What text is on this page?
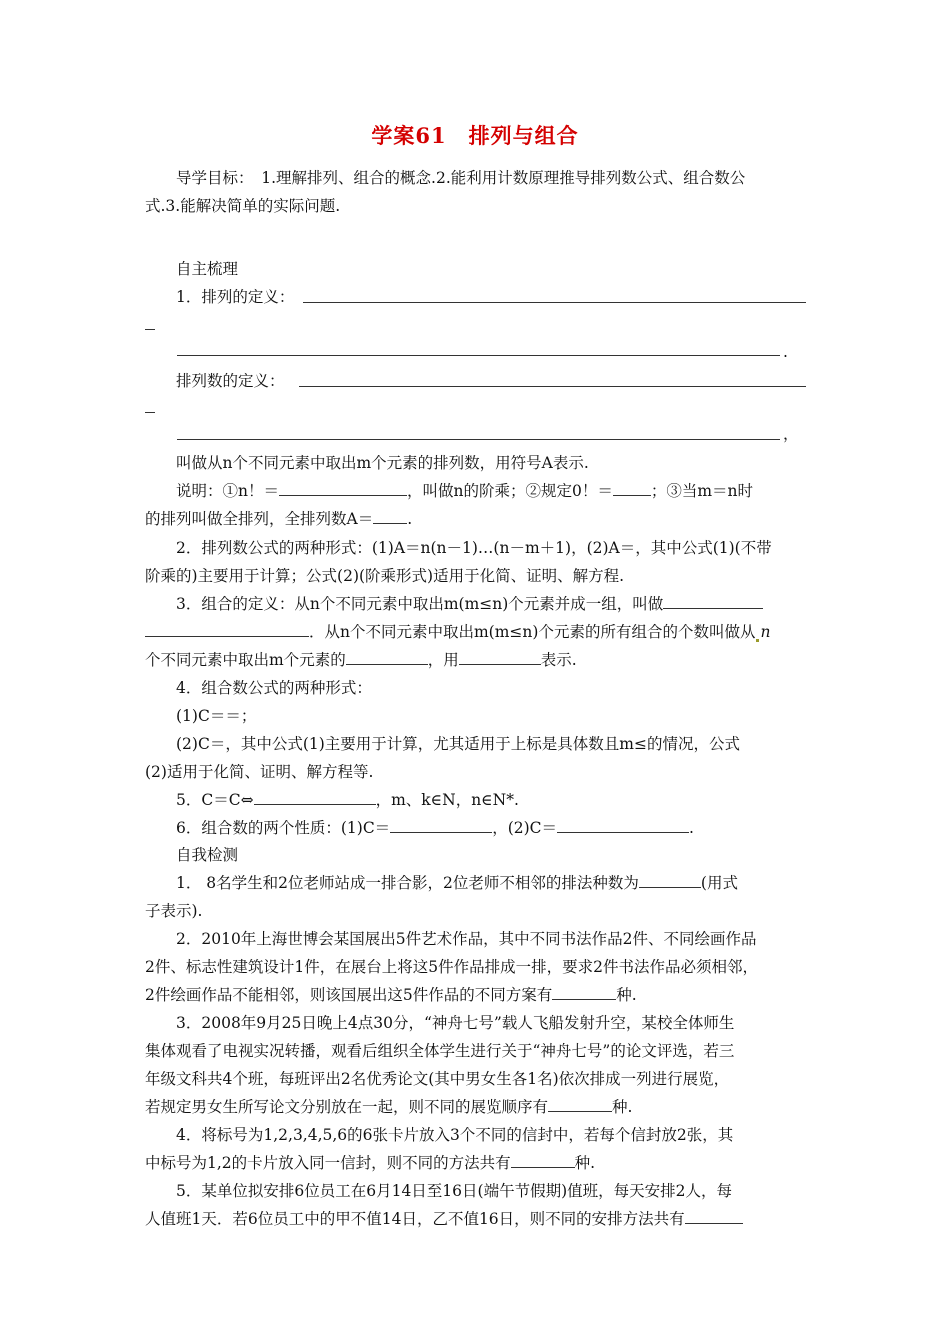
学案61　排列与组合
导学目标：　1.理解排列、组合的概念.2.能利用计数原理推导排列数公式、组合数公
式.3.能解决简单的实际问题.
自主梳理
1．排列的定义：
.
排列数的定义：
，
叫做从n个不同元素中取出m个元素的排列数，用符号A表示.
说明：①n！＝	，叫做n的阶乘；②规定0！＝ ；③当m＝n时
的排列叫做全排列，全排列数A＝ .
2．排列数公式的两种形式：(1)A＝n(n－1)…(n－m＋1)，(2)A＝，其中公式(1)(不带
阶乘的)主要用于计算；公式(2)(阶乘形式)适用于化简、证明、解方程.
3．组合的定义：从n个不同元素中取出m(m≤n)个元素并成一组，叫做
．从n个不同元素中取出m(m≤n)个元素的所有组合的个数叫做从 n
个不同元素中取出m个元素的	，用	表示.
4．组合数公式的两种形式：
(1)C＝＝；
(2)C＝，其中公式(1)主要用于计算，尤其适用于上标是具体数且m≤的情况，公式
(2)适用于化简、证明、解方程等.
5．C＝C⇔	，m、k∈N，n∈N*.
6．组合数的两个性质：(1)C＝	，(2)C＝	.
自我检测
1． 8名学生和2位老师站成一排合影，2位老师不相邻的排法种数为	(用式
子表示).
2．2010年上海世博会某国展出5件艺术作品，其中不同书法作品2件、不同绘画作品
2件、标志性建筑设计1件，在展台上将这5件作品排成一排，要求2件书法作品必须相邻，
2件绘画作品不能相邻，则该国展出这5件作品的不同方案有	种.
3．2008年9月25日晚上4点30分，“神舟七号”载人飞船发射升空，某校全体师生
集体观看了电视实况转播，观看后组织全体学生进行关于“神舟七号”的论文评选，若三
年级文科共4个班，每班评出2名优秀论文(其中男女生各1名)依次排成一列进行展览，
若规定男女生所写论文分别放在一起，则不同的展览顺序有	种.
4．将标号为1,2,3,4,5,6的6张卡片放入3个不同的信封中，若每个信封放2张，其
中标号为1,2的卡片放入同一信封，则不同的方法共有	种.
5．某单位拟安排6位员工在6月14日至16日(端午节假期)值班，每天安排2人，每
人值班1天．若6位员工中的甲不值14日，乙不值16日，则不同的安排方法共有
